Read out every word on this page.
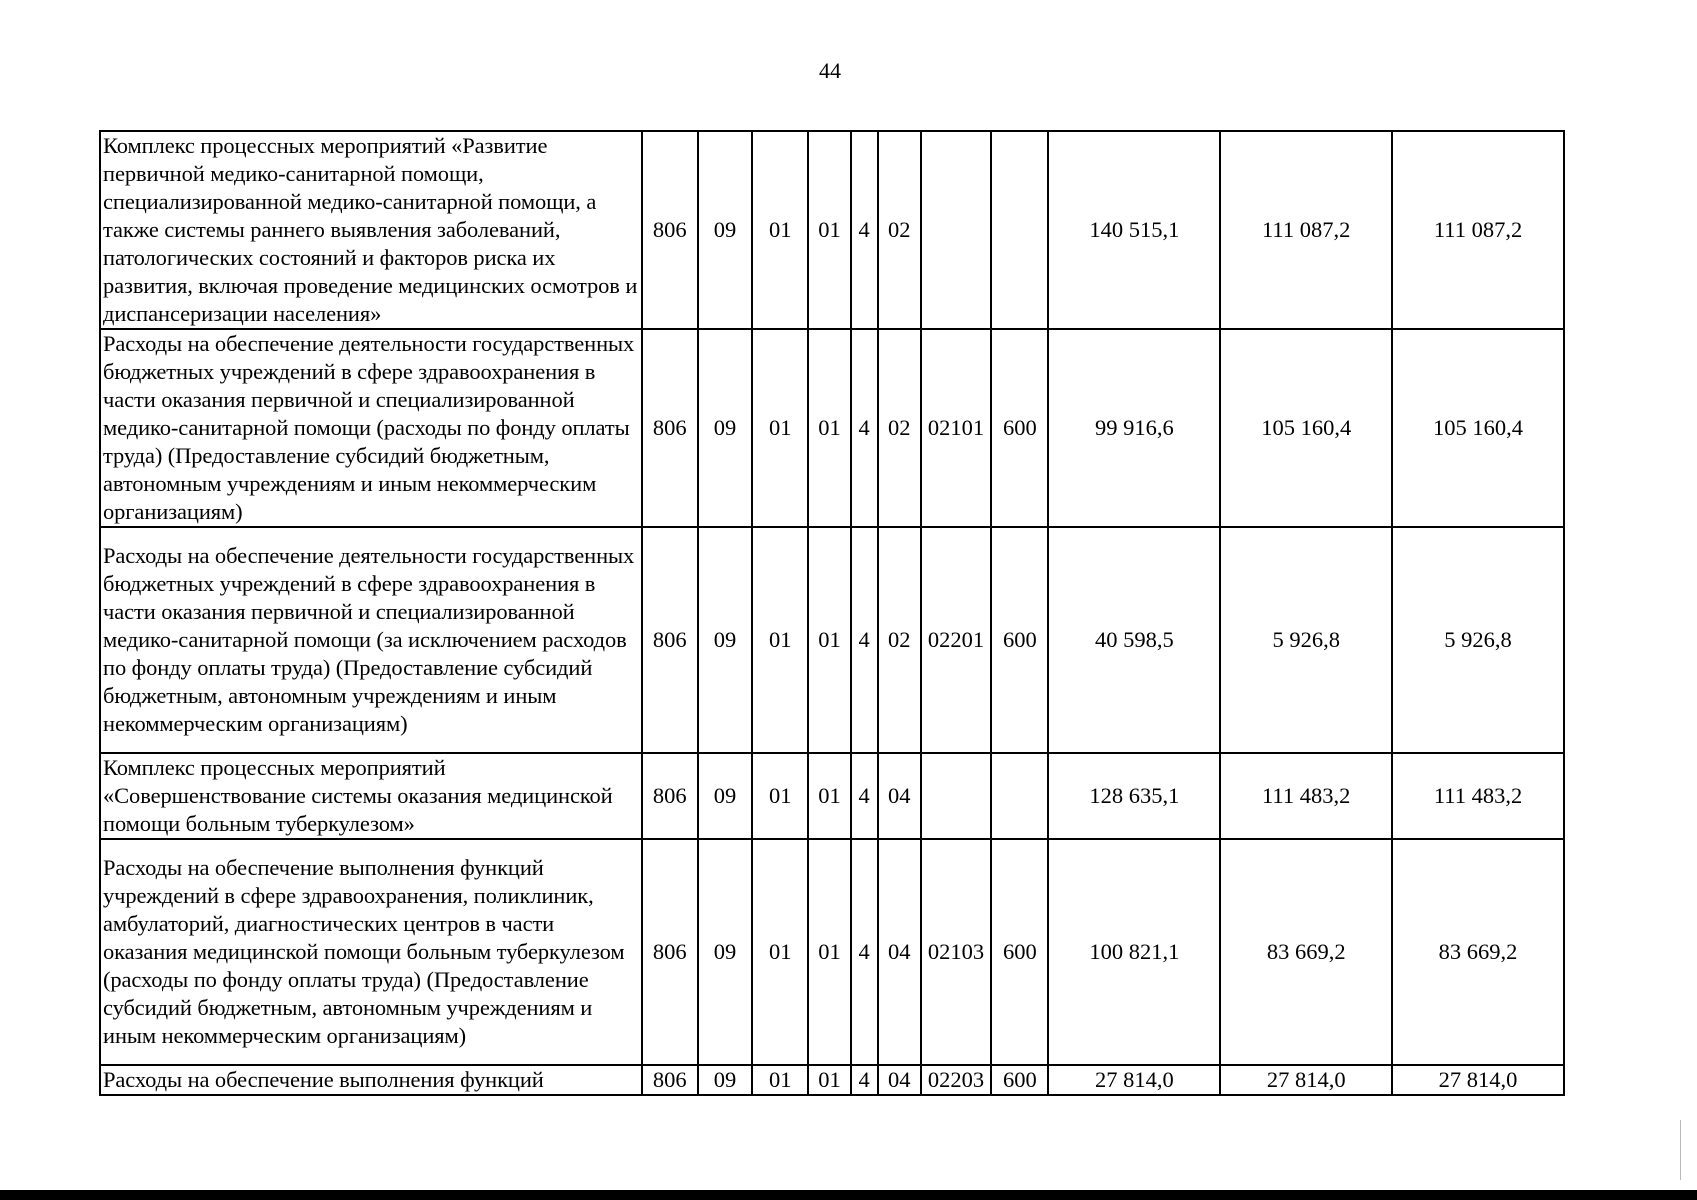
44
Комплекс процессных мероприятий «Развитие первичной медико-санитарной помощи, специализированной медико-санитарной помощи, а также системы раннего выявления заболеваний, патологических состояний и факторов риска их развития, включая проведение медицинских осмотров и диспансеризации населения»	806	09	01	01	4	02			140 515,1	111 087,2	111 087,2
Расходы на обеспечение деятельности государственных бюджетных учреждений в сфере здравоохранения в части оказания первичной и специализированной медико-санитарной помощи (расходы по фонду оплаты труда) (Предоставление субсидий бюджетным, автономным учреждениям и иным некоммерческим организациям)	806	09	01	01	4	02	02101	600	99 916,6	105 160,4	105 160,4
Расходы на обеспечение деятельности государственных бюджетных учреждений в сфере здравоохранения в части оказания первичной и специализированной медико-санитарной помощи (за исключением расходов по фонду оплаты труда) (Предоставление субсидий бюджетным, автономным учреждениям и иным некоммерческим организациям)	806	09	01	01	4	02	02201	600	40 598,5	5 926,8	5 926,8
Комплекс процессных мероприятий «Совершенствование системы оказания медицинской помощи больным туберкулезом»	806	09	01	01	4	04			128 635,1	111 483,2	111 483,2
Расходы на обеспечение выполнения функций учреждений в сфере здравоохранения, поликлиник, амбулаторий, диагностических центров в части оказания медицинской помощи больным туберкулезом (расходы по фонду оплаты труда) (Предоставление субсидий бюджетным, автономным учреждениям и иным некоммерческим организациям)	806	09	01	01	4	04	02103	600	100 821,1	83 669,2	83 669,2
Расходы на обеспечение выполнения функций	806	09	01	01	4	04	02203	600	27 814,0	27 814,0	27 814,0
